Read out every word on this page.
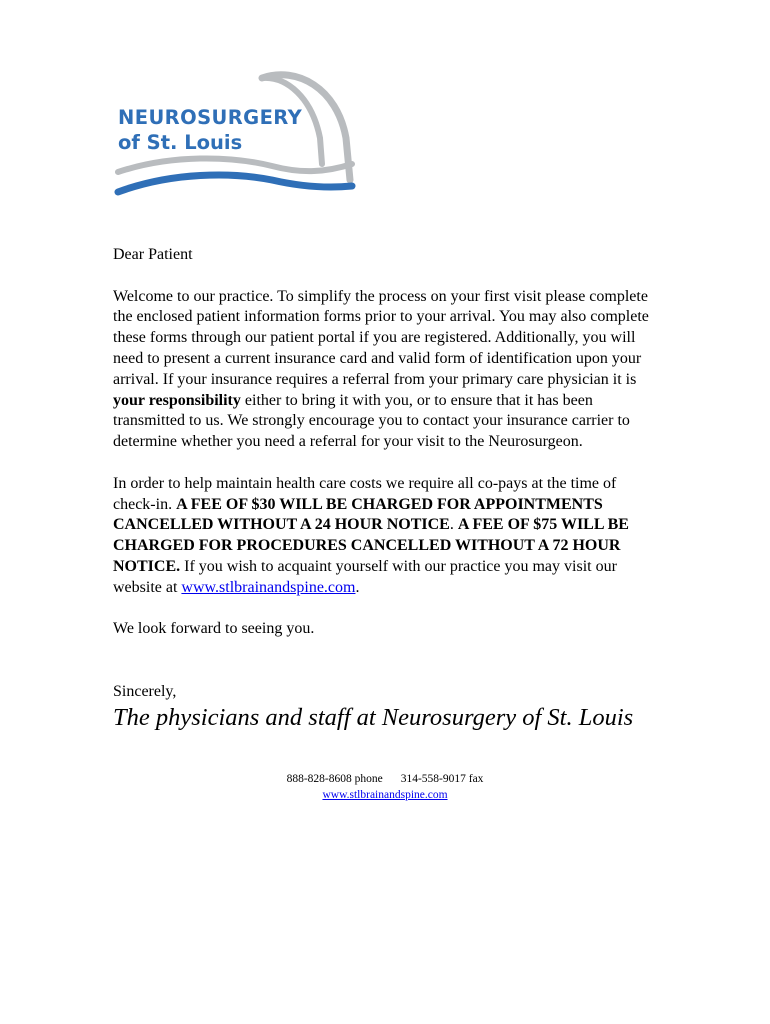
NEUROSURGERY
of St. Louis

Dear Patient

Welcome to our practice. To simplify the process on your first visit please complete the enclosed patient information forms prior to your arrival. You may also complete these forms through our patient portal if you are registered. Additionally, you will need to present a current insurance card and valid form of identification upon your arrival. If your insurance requires a referral from your primary care physician it is your responsibility either to bring it with you, or to ensure that it has been transmitted to us. We strongly encourage you to contact your insurance carrier to determine whether you need a referral for your visit to the Neurosurgeon.

In order to help maintain health care costs we require all co-pays at the time of check-in. A FEE OF $30 WILL BE CHARGED FOR APPOINTMENTS CANCELLED WITHOUT A 24 HOUR NOTICE. A FEE OF $75 WILL BE CHARGED FOR PROCEDURES CANCELLED WITHOUT A 72 HOUR NOTICE. If you wish to acquaint yourself with our practice you may visit our website at www.stlbrainandspine.com.

We look forward to seeing you.

Sincerely,

The physicians and staff at Neurosurgery of St. Louis

888-828-8608 phone 314-558-9017 fax
www.stlbrainandspine.com
